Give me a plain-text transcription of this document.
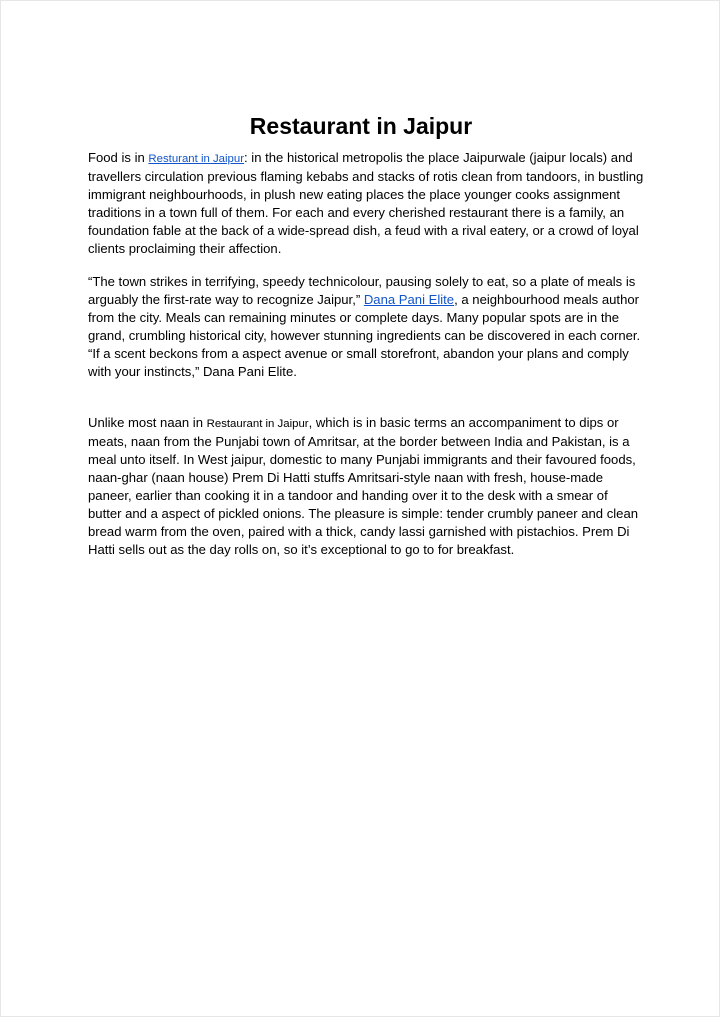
Restaurant in Jaipur

Food is in Resturant in Jaipur: in the historical metropolis the place Jaipurwale (jaipur locals) and travellers circulation previous flaming kebabs and stacks of rotis clean from tandoors, in bustling immigrant neighbourhoods, in plush new eating places the place younger cooks assignment traditions in a town full of them. For each and every cherished restaurant there is a family, an foundation fable at the back of a wide-spread dish, a feud with a rival eatery, or a crowd of loyal clients proclaiming their affection.

“The town strikes in terrifying, speedy technicolour, pausing solely to eat, so a plate of meals is arguably the first-rate way to recognize Jaipur,” Dana Pani Elite, a neighbourhood meals author from the city. Meals can remaining minutes or complete days. Many popular spots are in the grand, crumbling historical city, however stunning ingredients can be discovered in each corner. “If a scent beckons from a aspect avenue or small storefront, abandon your plans and comply with your instincts,” Dana Pani Elite.

Unlike most naan in Restaurant in Jaipur, which is in basic terms an accompaniment to dips or meats, naan from the Punjabi town of Amritsar, at the border between India and Pakistan, is a meal unto itself. In West jaipur, domestic to many Punjabi immigrants and their favoured foods, naan-ghar (naan house) Prem Di Hatti stuffs Amritsari-style naan with fresh, house-made paneer, earlier than cooking it in a tandoor and handing over it to the desk with a smear of butter and a aspect of pickled onions. The pleasure is simple: tender crumbly paneer and clean bread warm from the oven, paired with a thick, candy lassi garnished with pistachios. Prem Di Hatti sells out as the day rolls on, so it’s exceptional to go to for breakfast.
